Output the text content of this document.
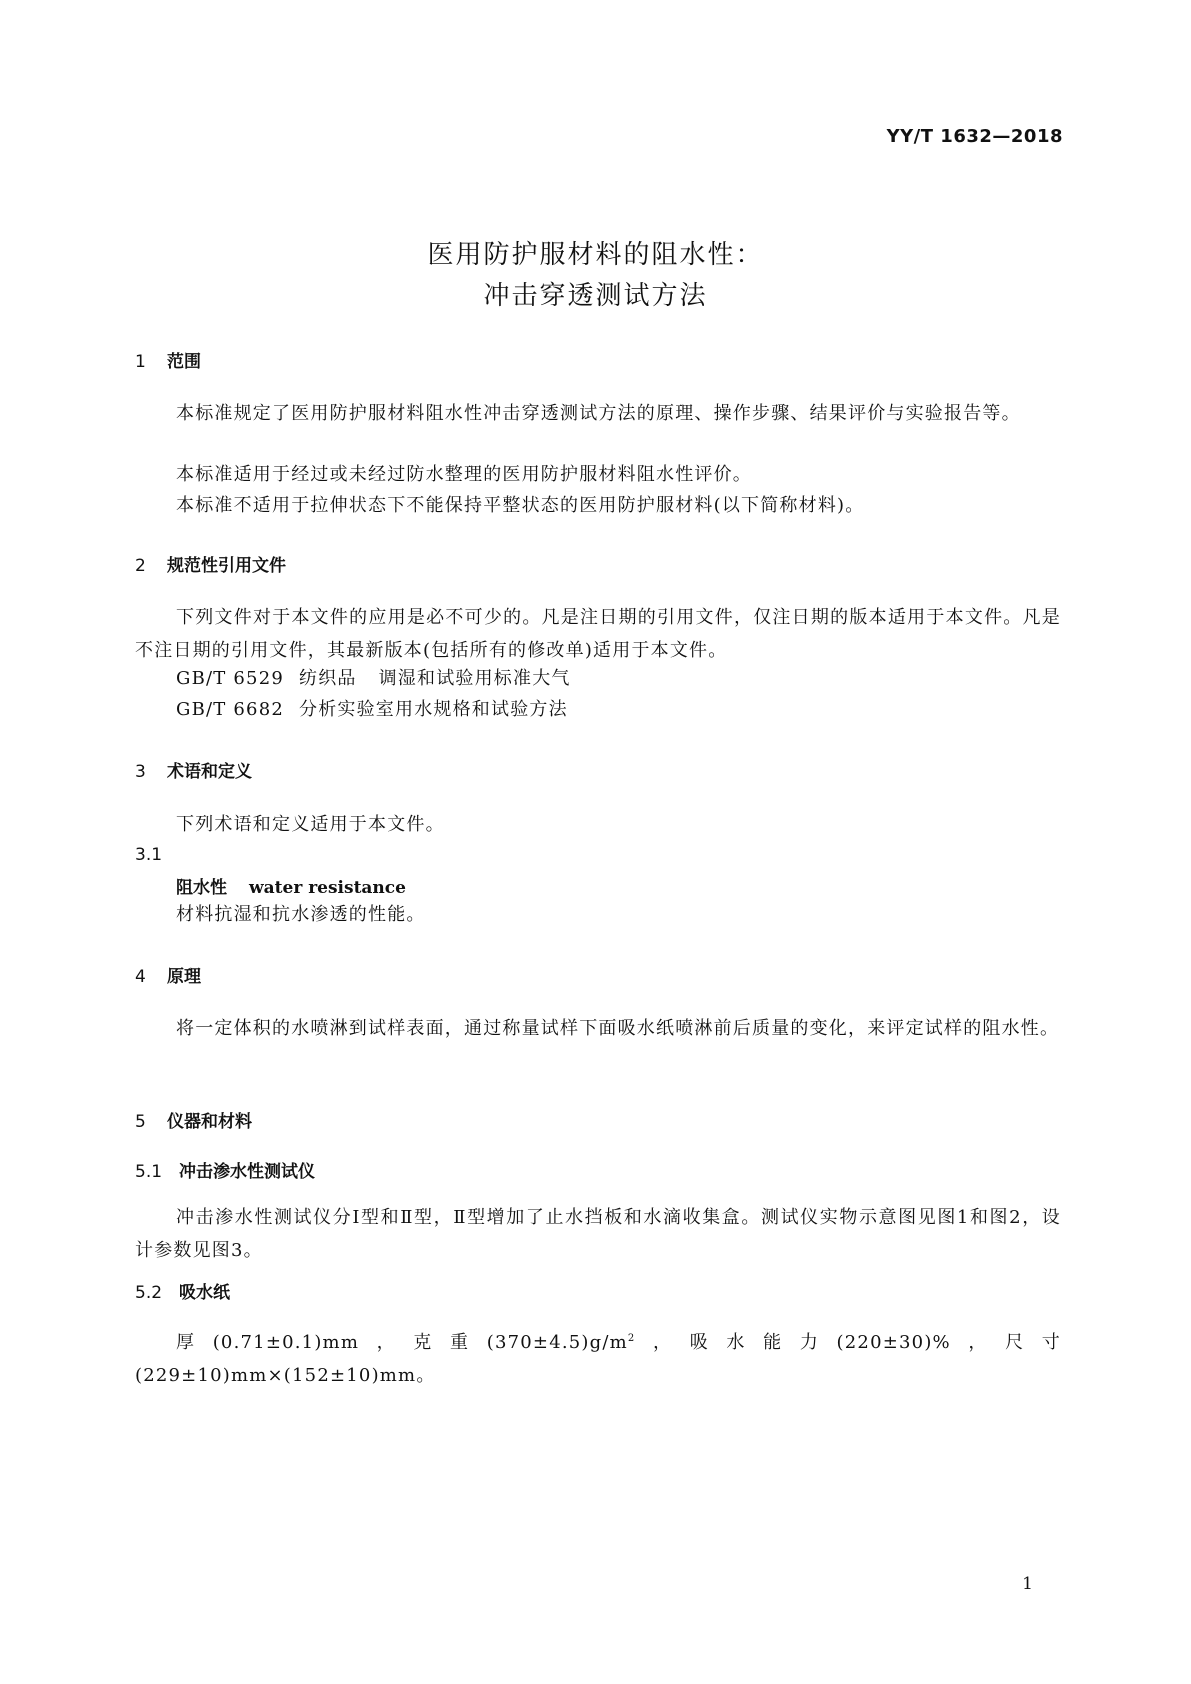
YY/T 1632—2018
医用防护服材料的阻水性：
冲击穿透测试方法
1 范围
本标准规定了医用防护服材料阻水性冲击穿透测试方法的原理、操作步骤、结果评价与实验报告等。
本标准适用于经过或未经过防水整理的医用防护服材料阻水性评价。
本标准不适用于拉伸状态下不能保持平整状态的医用防护服材料(以下简称材料)。
2 规范性引用文件
下列文件对于本文件的应用是必不可少的。凡是注日期的引用文件，仅注日期的版本适用于本文件。凡是不注日期的引用文件，其最新版本(包括所有的修改单)适用于本文件。
GB/T 6529 纺织品 调湿和试验用标准大气
GB/T 6682 分析实验室用水规格和试验方法
3 术语和定义
下列术语和定义适用于本文件。
3.1
阻水性 water resistance
材料抗湿和抗水渗透的性能。
4 原理
将一定体积的水喷淋到试样表面，通过称量试样下面吸水纸喷淋前后质量的变化，来评定试样的阻水性。
5 仪器和材料
5.1 冲击渗水性测试仪
冲击渗水性测试仪分Ⅰ型和Ⅱ型，Ⅱ型增加了止水挡板和水滴收集盒。测试仪实物示意图见图1和图2，设计参数见图3。
5.2 吸水纸
厚(0.71±0.1)mm，克重$(370\pm 4.5)g/m^2$，吸水能力(220±30)%，尺寸(229±10)mm×(152±10)mm。
1
